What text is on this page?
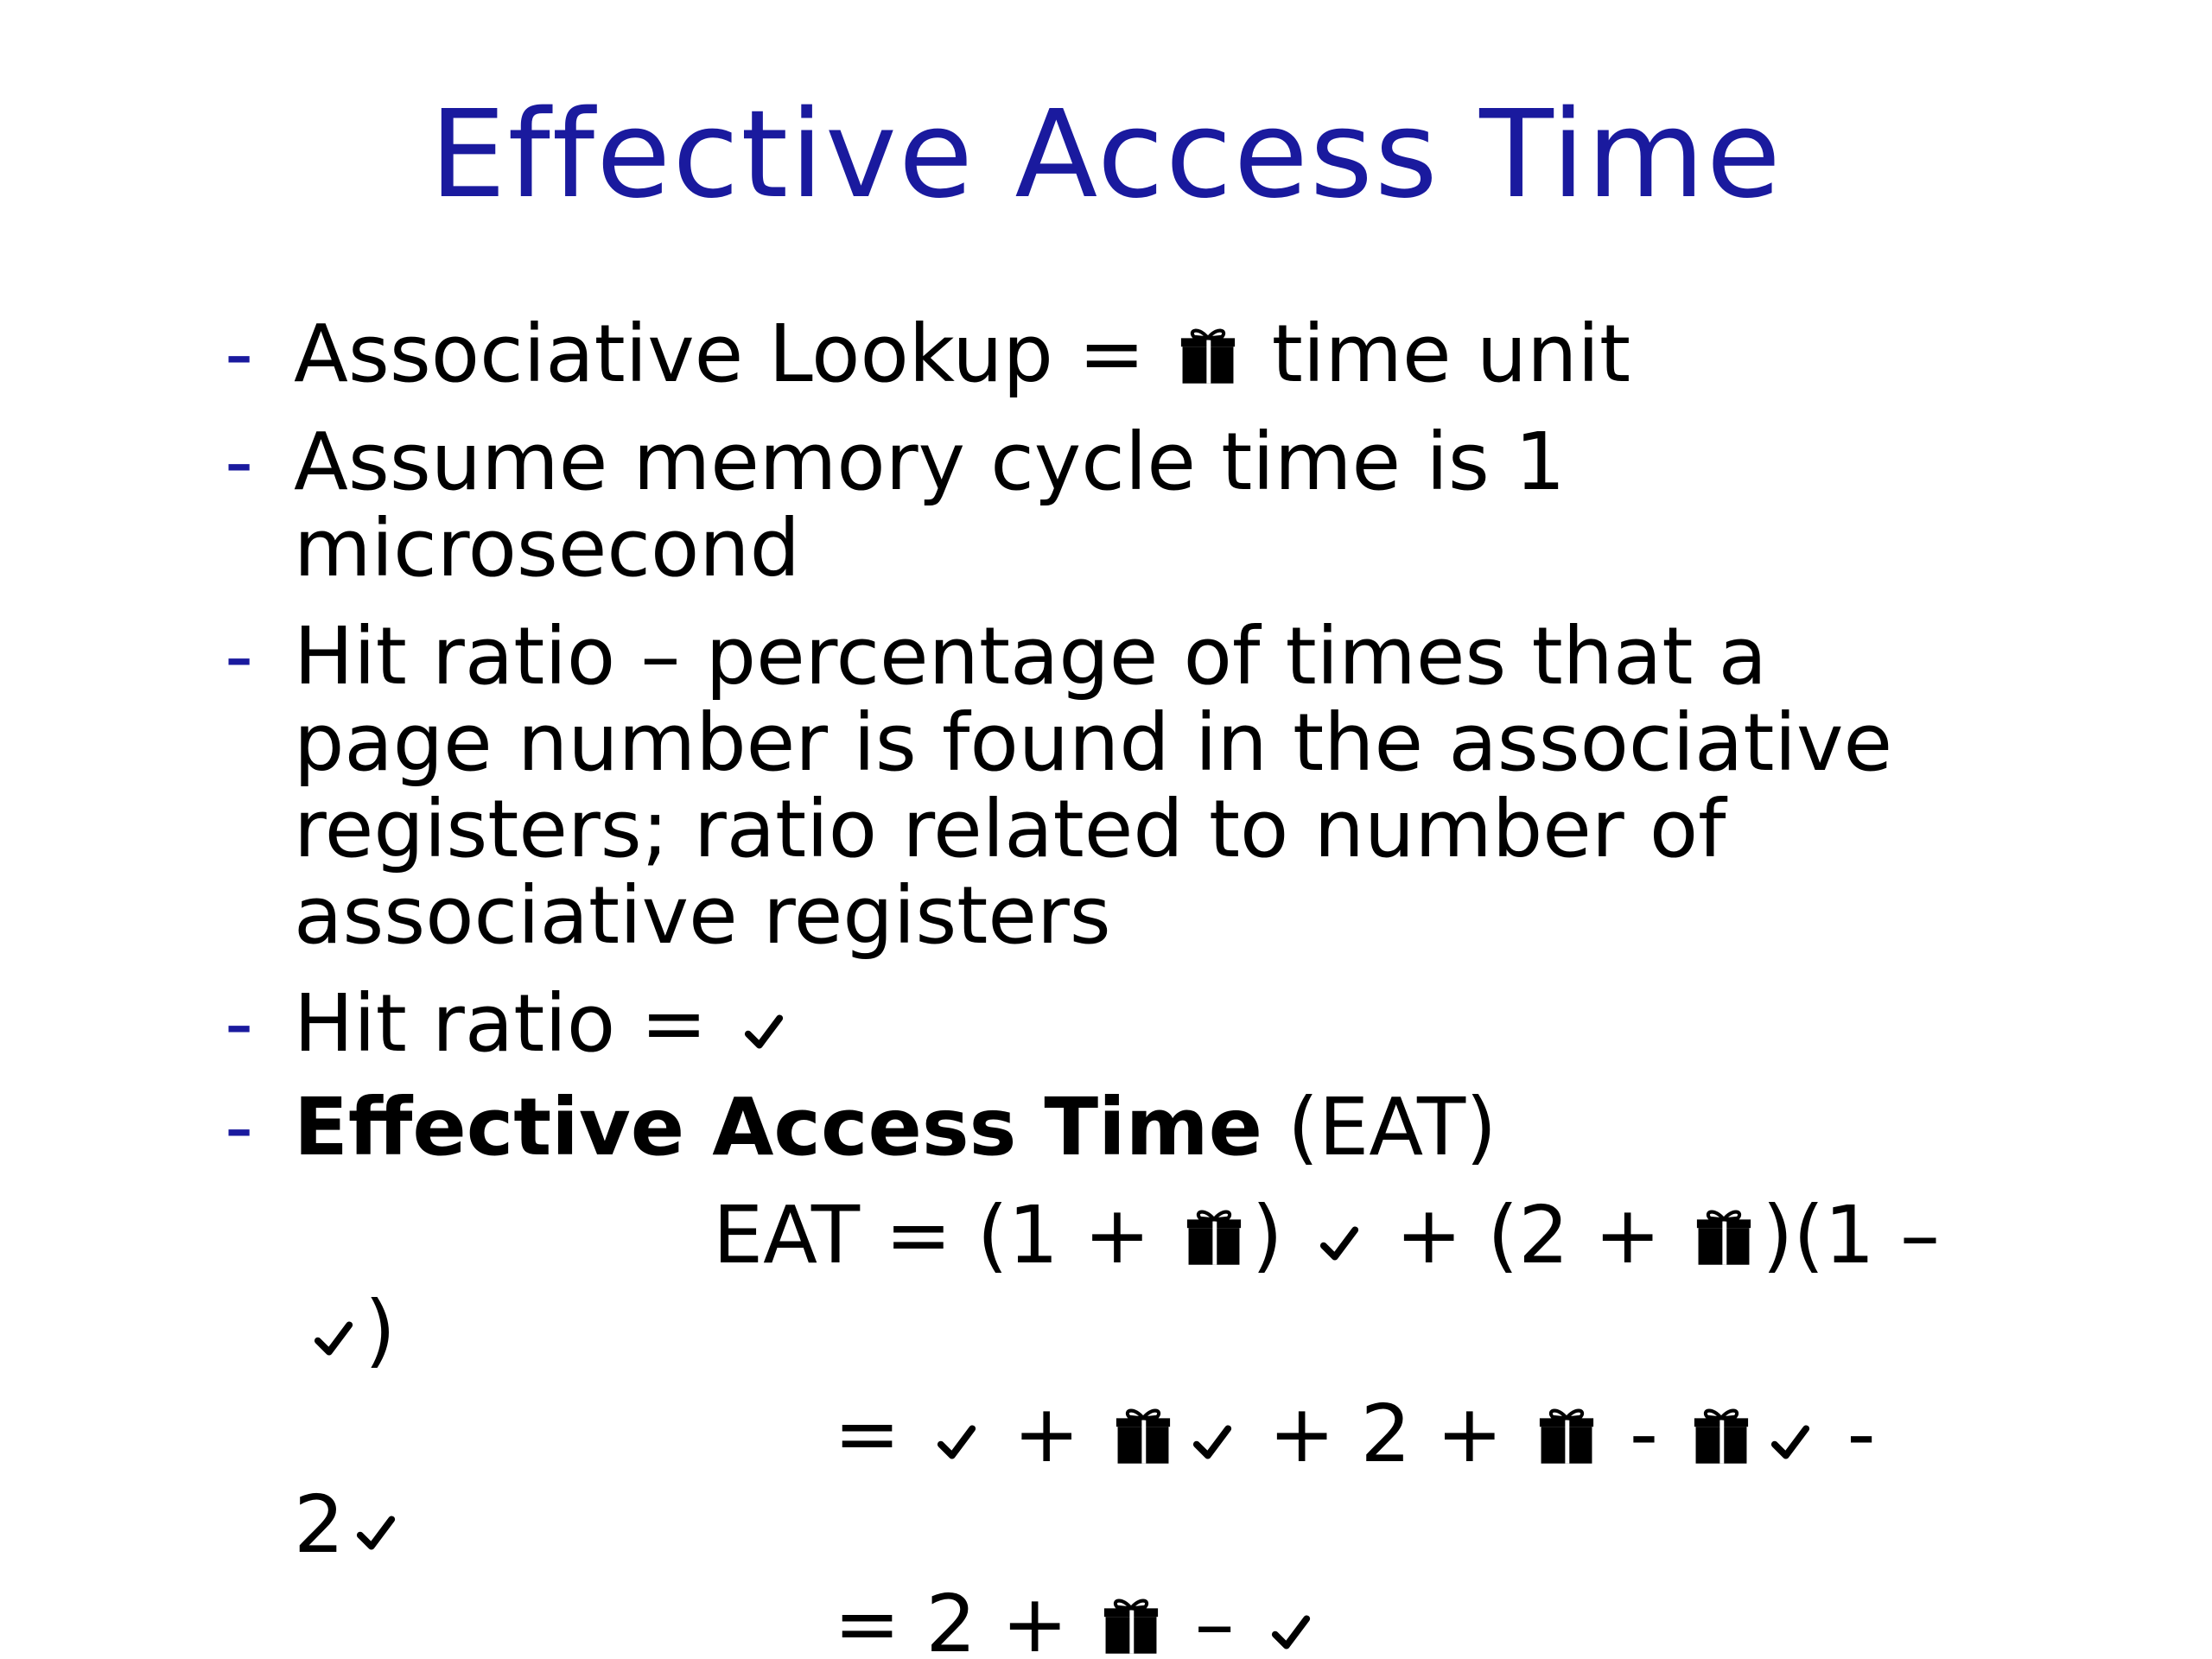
Effective Access Time
- Associative Lookup =  time unit
- Assume memory cycle time is 1
microsecond
- Hit ratio – percentage of times that a
page number is found in the associative
registers; ratio related to number of
associative registers
- Hit ratio =
- Effective Access Time (EAT)
EAT = (1 + )  + (2 + )(1 –
)
=  +  + 2 +  -  -
2
= 2 +  –
